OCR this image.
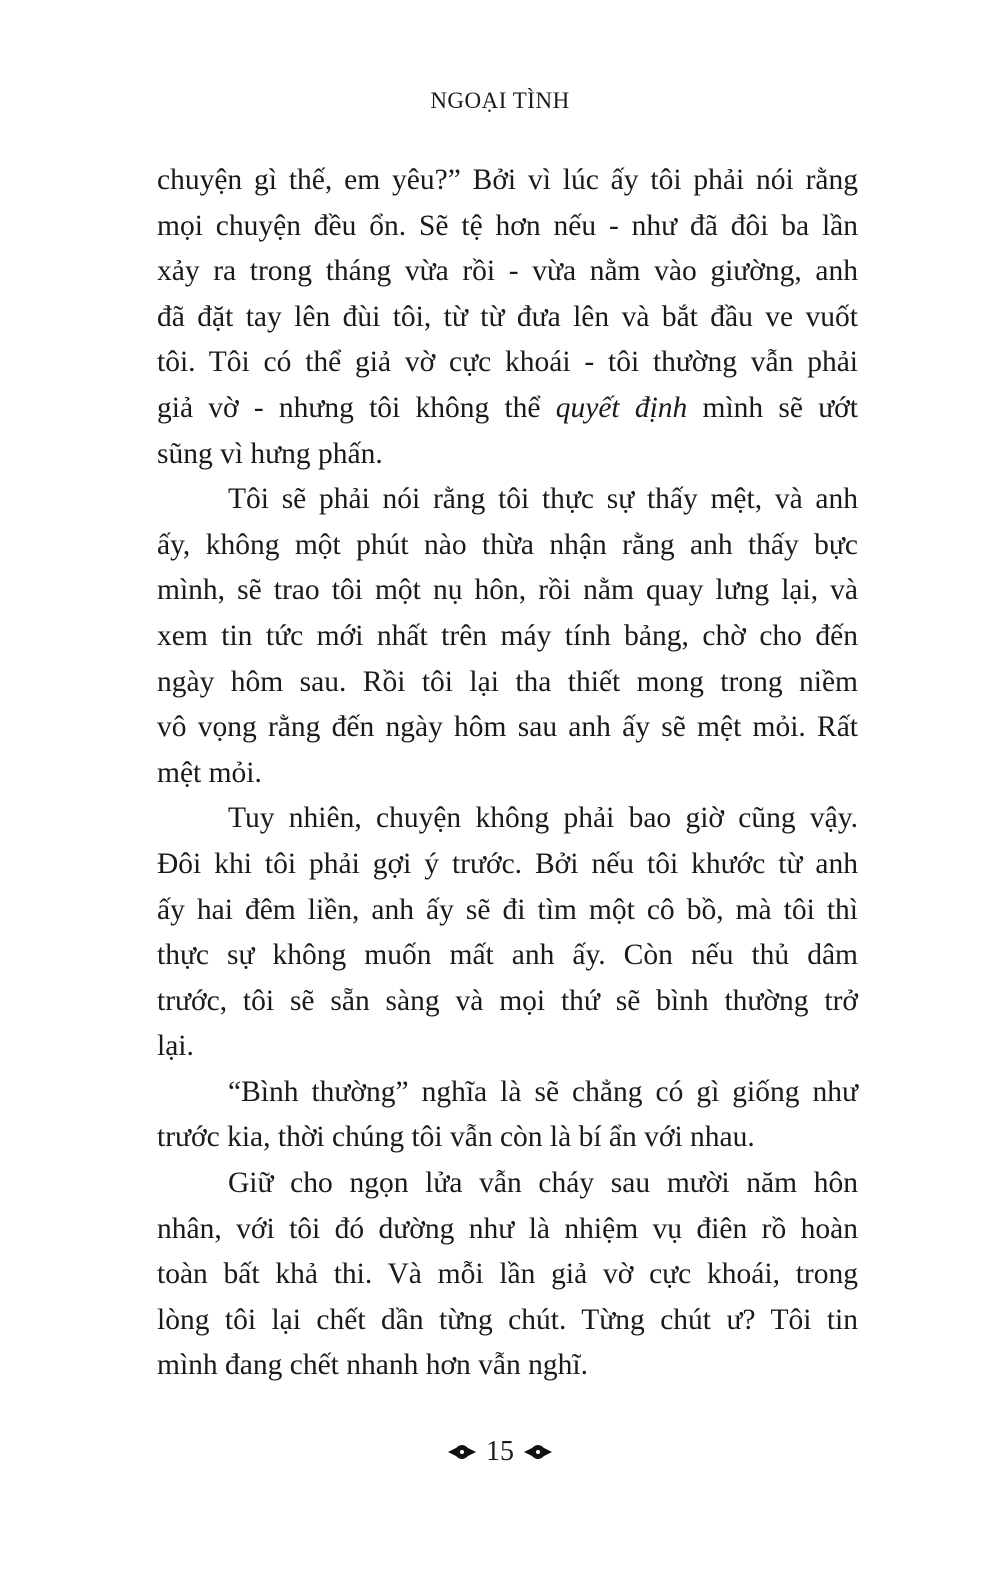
NGOẠI TÌNH
chuyện gì thế, em yêu?” Bởi vì lúc ấy tôi phải nói rằng
mọi chuyện đều ổn. Sẽ tệ hơn nếu - như đã đôi ba lần
xảy ra trong tháng vừa rồi - vừa nằm vào giường, anh
đã đặt tay lên đùi tôi, từ từ đưa lên và bắt đầu ve vuốt
tôi. Tôi có thể giả vờ cực khoái - tôi thường vẫn phải
giả vờ - nhưng tôi không thể quyết định mình sẽ ướt
sũng vì hưng phấn.
Tôi sẽ phải nói rằng tôi thực sự thấy mệt, và anh
ấy, không một phút nào thừa nhận rằng anh thấy bực
mình, sẽ trao tôi một nụ hôn, rồi nằm quay lưng lại, và
xem tin tức mới nhất trên máy tính bảng, chờ cho đến
ngày hôm sau. Rồi tôi lại tha thiết mong trong niềm
vô vọng rằng đến ngày hôm sau anh ấy sẽ mệt mỏi. Rất
mệt mỏi.
Tuy nhiên, chuyện không phải bao giờ cũng vậy.
Đôi khi tôi phải gợi ý trước. Bởi nếu tôi khước từ anh
ấy hai đêm liền, anh ấy sẽ đi tìm một cô bồ, mà tôi thì
thực sự không muốn mất anh ấy. Còn nếu thủ dâm
trước, tôi sẽ sẵn sàng và mọi thứ sẽ bình thường trở
lại.
“Bình thường” nghĩa là sẽ chẳng có gì giống như
trước kia, thời chúng tôi vẫn còn là bí ẩn với nhau.
Giữ cho ngọn lửa vẫn cháy sau mười năm hôn
nhân, với tôi đó dường như là nhiệm vụ điên rồ hoàn
toàn bất khả thi. Và mỗi lần giả vờ cực khoái, trong
lòng tôi lại chết dần từng chút. Từng chút ư? Tôi tin
mình đang chết nhanh hơn vẫn nghĩ.
15
